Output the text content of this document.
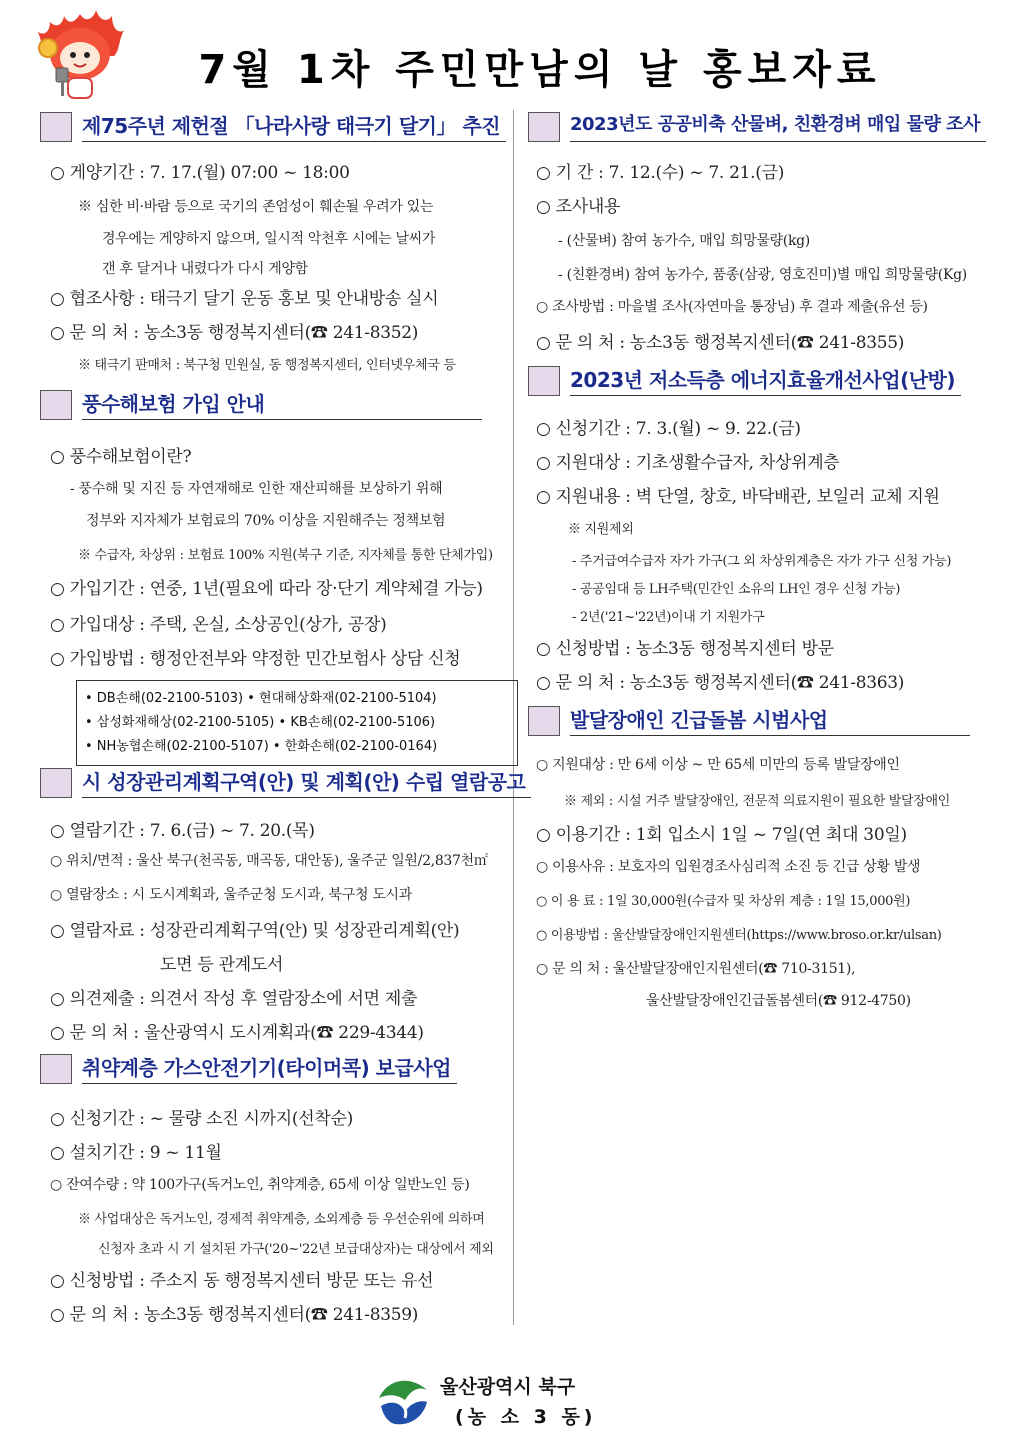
7월 1차 주민만남의 날 홍보자료
제75주년 제헌절 「나라사랑 태극기 달기」 추진
○ 게양기간 : 7. 17.(월) 07:00 ~ 18:00
※ 심한 비·바람 등으로 국기의 존엄성이 훼손될 우려가 있는
경우에는 게양하지 않으며, 일시적 악천후 시에는 날씨가
갠 후 달거나 내렸다가 다시 게양함
○ 협조사항 : 태극기 달기 운동 홍보 및 안내방송 실시
○ 문 의 처 : 농소3동 행정복지센터(☎ 241-8352)
※ 태극기 판매처 : 북구청 민원실, 동 행정복지센터, 인터넷우체국 등
풍수해보험 가입 안내
○ 풍수해보험이란?
- 풍수해 및 지진 등 자연재해로 인한 재산피해를 보상하기 위해
정부와 지자체가 보험료의 70% 이상을 지원해주는 정책보험
※ 수급자, 차상위 : 보험료 100% 지원(북구 기준, 지자체를 통한 단체가입)
○ 가입기간 : 연중, 1년(필요에 따라 장·단기 계약체결 가능)
○ 가입대상 : 주택, 온실, 소상공인(상가, 공장)
○ 가입방법 : 행정안전부와 약정한 민간보험사 상담 신청
시 성장관리계획구역(안) 및 계획(안) 수립 열람공고
○ 열람기간 : 7. 6.(금) ~ 7. 20.(목)
○ 위치/면적 : 울산 북구(천곡동, 매곡동, 대안동), 울주군 일원/2,837천㎡
○ 열람장소 : 시 도시계획과, 울주군청 도시과, 북구청 도시과
○ 열람자료 : 성장관리계획구역(안) 및 성장관리계획(안)
도면 등 관계도서
○ 의견제출 : 의견서 작성 후 열람장소에 서면 제출
○ 문 의 처 : 울산광역시 도시계획과(☎ 229-4344)
취약계층 가스안전기기(타이머콕) 보급사업
○ 신청기간 : ~ 물량 소진 시까지(선착순)
○ 설치기간 : 9 ~ 11월
○ 잔여수량 : 약 100가구(독거노인, 취약계층, 65세 이상 일반노인 등)
※ 사업대상은 독거노인, 경제적 취약계층, 소외계층 등 우선순위에 의하며
신청자 초과 시 기 설치된 가구('20~'22년 보급대상자)는 대상에서 제외
○ 신청방법 : 주소지 동 행정복지센터 방문 또는 유선
○ 문 의 처 : 농소3동 행정복지센터(☎ 241-8359)
• DB손해(02-2100-5103) • 현대해상화재(02-2100-5104)
• 삼성화재해상(02-2100-5105) • KB손해(02-2100-5106)
• NH농협손해(02-2100-5107) • 한화손해(02-2100-0164)
2023년도 공공비축 산물벼, 친환경벼 매입 물량 조사
○ 기 간 : 7. 12.(수) ~ 7. 21.(금)
○ 조사내용
- (산물벼) 참여 농가수, 매입 희망물량(kg)
- (친환경벼) 참여 농가수, 품종(삼광, 영호진미)별 매입 희망물량(Kg)
○ 조사방법 : 마을별 조사(자연마을 통장님) 후 결과 제출(유선 등)
○ 문 의 처 : 농소3동 행정복지센터(☎ 241-8355)
2023년 저소득층 에너지효율개선사업(난방)
○ 신청기간 : 7. 3.(월) ~ 9. 22.(금)
○ 지원대상 : 기초생활수급자, 차상위계층
○ 지원내용 : 벽 단열, 창호, 바닥배관, 보일러 교체 지원
※ 지원제외
- 주거급여수급자 자가 가구(그 외 차상위계층은 자가 가구 신청 가능)
- 공공임대 등 LH주택(민간인 소유의 LH인 경우 신청 가능)
- 2년('21~'22년)이내 기 지원가구
○ 신청방법 : 농소3동 행정복지센터 방문
○ 문 의 처 : 농소3동 행정복지센터(☎ 241-8363)
발달장애인 긴급돌봄 시범사업
○ 지원대상 : 만 6세 이상 ~ 만 65세 미만의 등록 발달장애인
※ 제외 : 시설 거주 발달장애인, 전문적 의료지원이 필요한 발달장애인
○ 이용기간 : 1회 입소시 1일 ~ 7일(연 최대 30일)
○ 이용사유 : 보호자의 입원경조사심리적 소진 등 긴급 상황 발생
○ 이 용 료 : 1일 30,000원(수급자 및 차상위 계층 : 1일 15,000원)
○ 이용방법 : 울산발달장애인지원센터(https://www.broso.or.kr/ulsan)
○ 문 의 처 : 울산발달장애인지원센터(☎ 710-3151),
울산발달장애인긴급돌봄센터(☎ 912-4750)
울산광역시 북구
(농 소 3 동)
